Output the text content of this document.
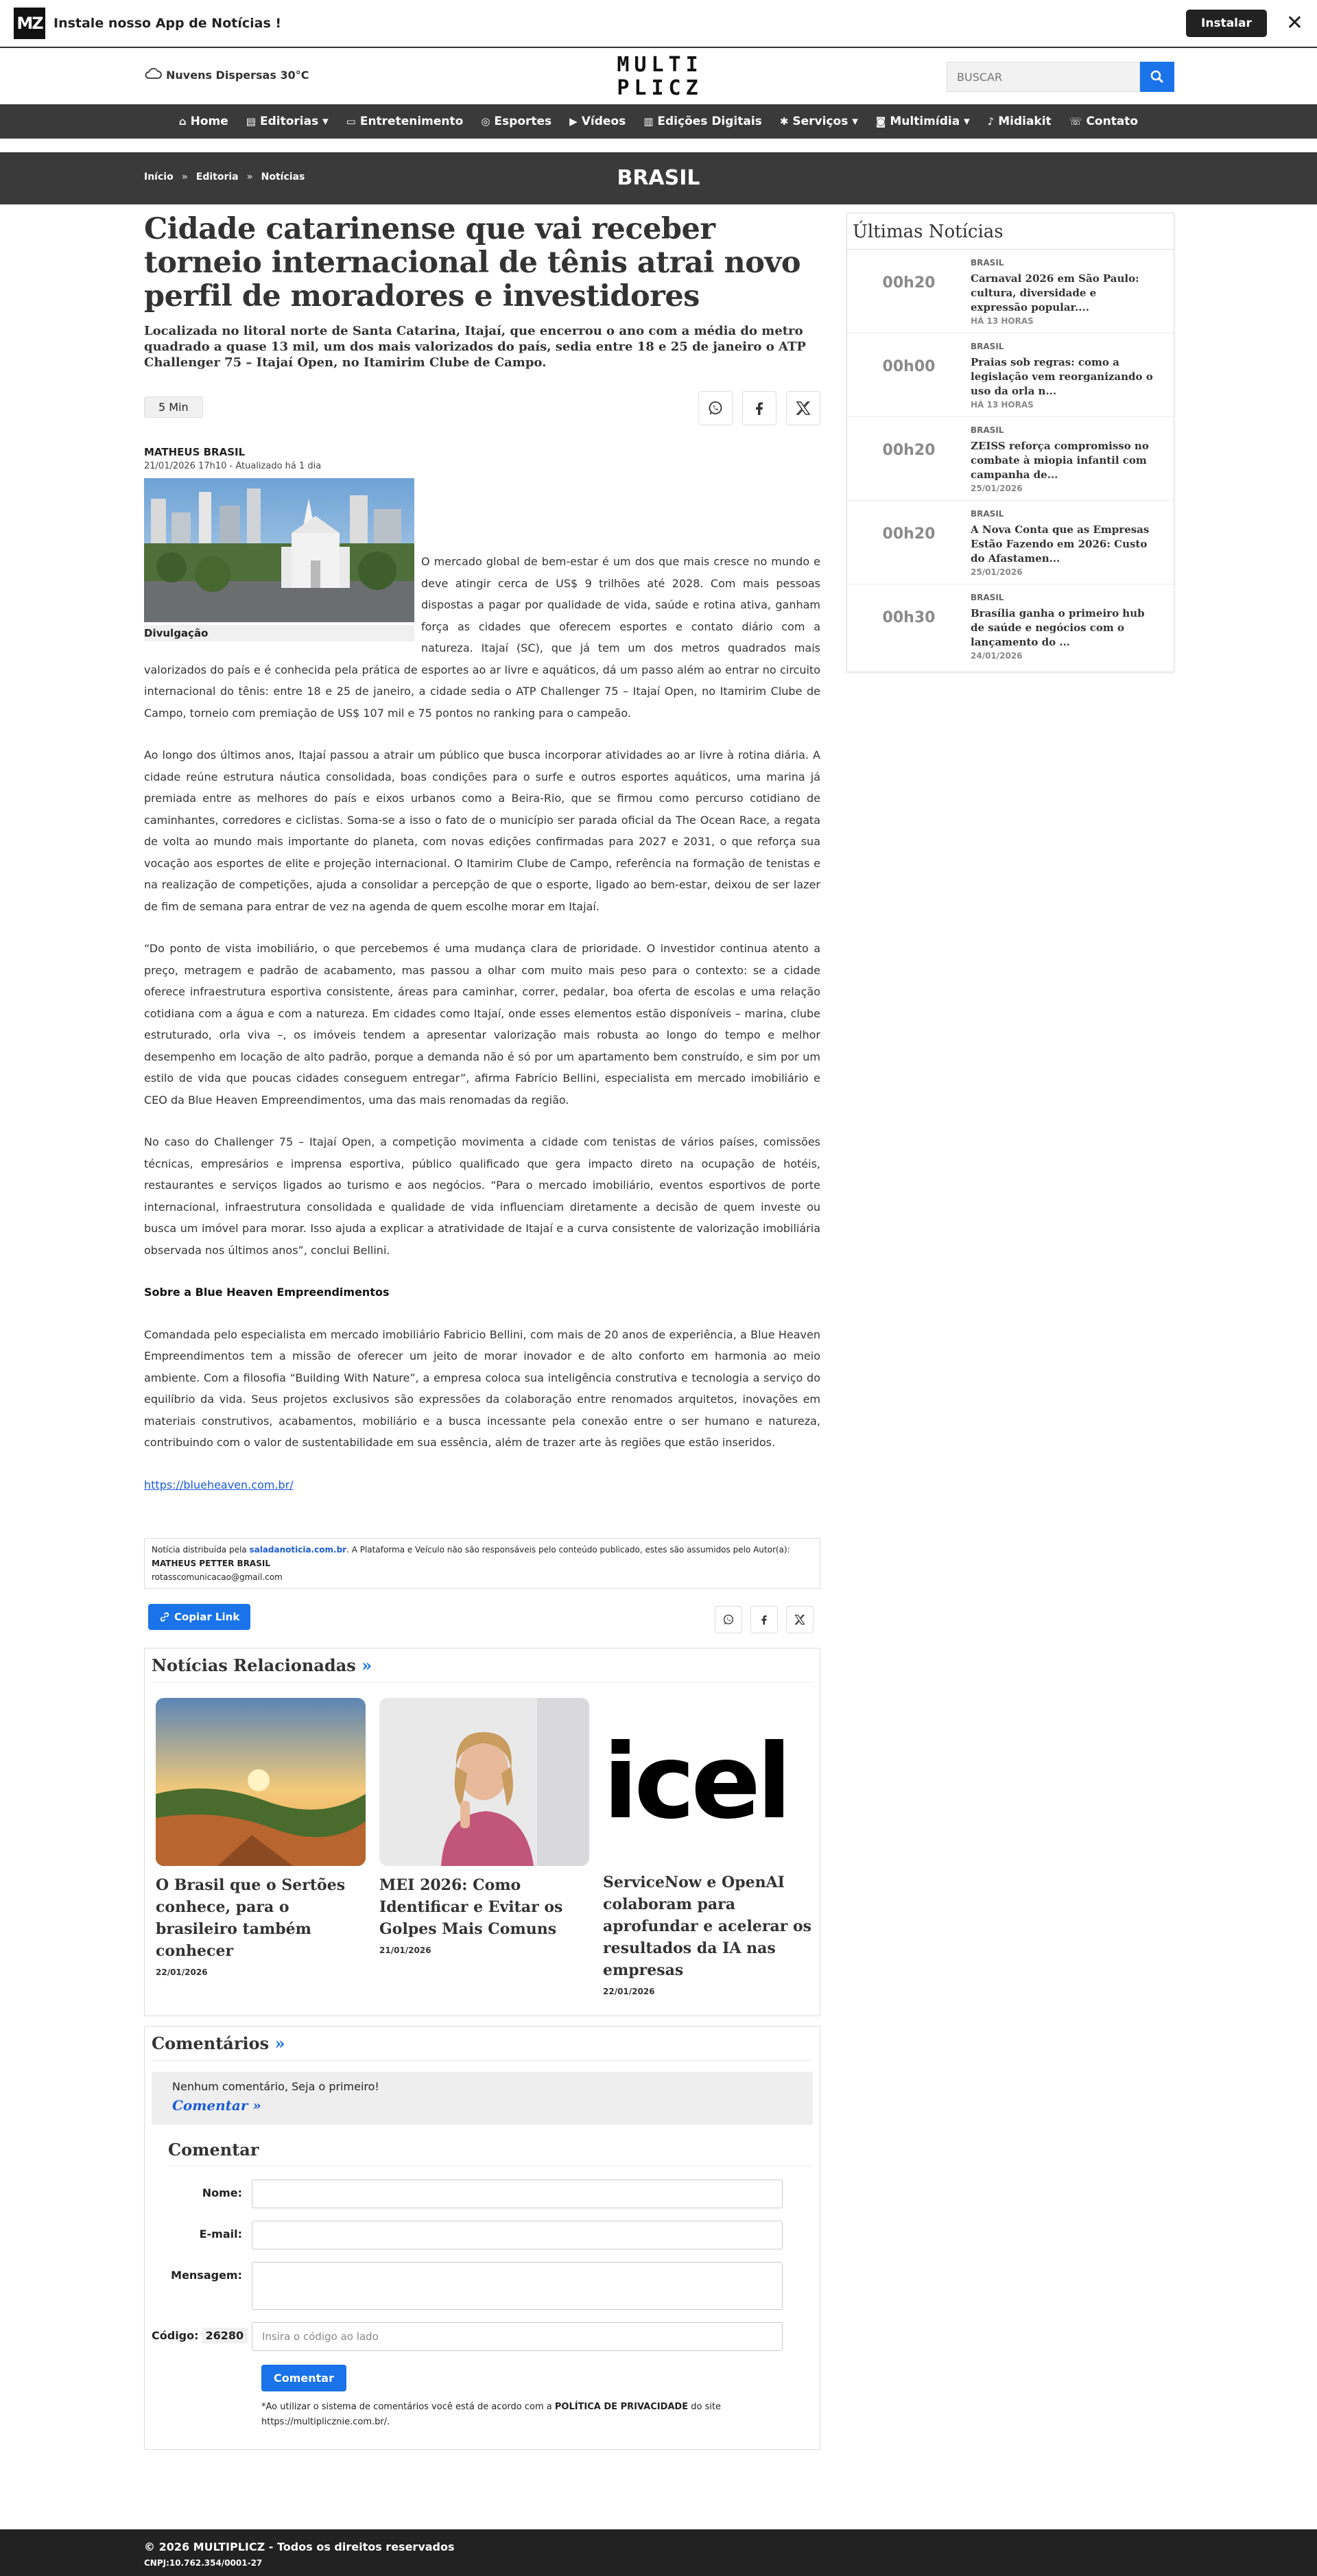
MZ Instale nosso App de Notícias !	Instalar	✕
Nuvens Dispersas 30°C	MULTI
PLICZ
BUSCAR
⌂ Home ▤ Editorias ▾ ▭ Entretenimento ◎ Esportes ▶ Vídeos ▥ Edições Digitais ✱ Serviços ▾ ◙ Multimídia ▾ ♪ Midiakit ☏ Contato
Início » Editoria » Notícias	BRASIL
Cidade catarinense que vai receber torneio internacional de tênis atrai novo perfil de moradores e investidores

Localizada no litoral norte de Santa Catarina, Itajaí, que encerrou o ano com a média do metro quadrado a quase 13 mil, um dos mais valorizados do país, sedia entre 18 e 25 de janeiro o ATP Challenger 75 – Itajaí Open, no Itamirim Clube de Campo.

5 Min
MATHEUS BRASIL
21/01/2026 17h10 - Atualizado há 1 dia
Divulgação

O mercado global de bem-estar é um dos que mais cresce no mundo e deve atingir cerca de US$ 9 trilhões até 2028. Com mais pessoas dispostas a pagar por qualidade de vida, saúde e rotina ativa, ganham força as cidades que oferecem esportes e contato diário com a natureza. Itajaí (SC), que já tem um dos metros quadrados mais valorizados do país e é conhecida pela prática de esportes ao ar livre e aquáticos, dá um passo além ao entrar no circuito internacional do tênis: entre 18 e 25 de janeiro, a cidade sedia o ATP Challenger 75 – Itajaí Open, no Itamirim Clube de Campo, torneio com premiação de US$ 107 mil e 75 pontos no ranking para o campeão.

Ao longo dos últimos anos, Itajaí passou a atrair um público que busca incorporar atividades ao ar livre à rotina diária. A cidade reúne estrutura náutica consolidada, boas condições para o surfe e outros esportes aquáticos, uma marina já premiada entre as melhores do país e eixos urbanos como a Beira-Rio, que se firmou como percurso cotidiano de caminhantes, corredores e ciclistas. Soma-se a isso o fato de o município ser parada oficial da The Ocean Race, a regata de volta ao mundo mais importante do planeta, com novas edições confirmadas para 2027 e 2031, o que reforça sua vocação aos esportes de elite e projeção internacional. O Itamirim Clube de Campo, referência na formação de tenistas e na realização de competições, ajuda a consolidar a percepção de que o esporte, ligado ao bem-estar, deixou de ser lazer de fim de semana para entrar de vez na agenda de quem escolhe morar em Itajaí.

“Do ponto de vista imobiliário, o que percebemos é uma mudança clara de prioridade. O investidor continua atento a preço, metragem e padrão de acabamento, mas passou a olhar com muito mais peso para o contexto: se a cidade oferece infraestrutura esportiva consistente, áreas para caminhar, correr, pedalar, boa oferta de escolas e uma relação cotidiana com a água e com a natureza. Em cidades como Itajaí, onde esses elementos estão disponíveis – marina, clube estruturado, orla viva –, os imóveis tendem a apresentar valorização mais robusta ao longo do tempo e melhor desempenho em locação de alto padrão, porque a demanda não é só por um apartamento bem construído, e sim por um estilo de vida que poucas cidades conseguem entregar”, afirma Fabrício Bellini, especialista em mercado imobiliário e CEO da Blue Heaven Empreendimentos, uma das mais renomadas da região.

No caso do Challenger 75 – Itajaí Open, a competição movimenta a cidade com tenistas de vários países, comissões técnicas, empresários e imprensa esportiva, público qualificado que gera impacto direto na ocupação de hotéis, restaurantes e serviços ligados ao turismo e aos negócios. “Para o mercado imobiliário, eventos esportivos de porte internacional, infraestrutura consolidada e qualidade de vida influenciam diretamente a decisão de quem investe ou busca um imóvel para morar. Isso ajuda a explicar a atratividade de Itajaí e a curva consistente de valorização imobiliária observada nos últimos anos”, conclui Bellini.

Sobre a Blue Heaven Empreendimentos

Comandada pelo especialista em mercado imobiliário Fabricio Bellini, com mais de 20 anos de experiência, a Blue Heaven Empreendimentos tem a missão de oferecer um jeito de morar inovador e de alto conforto em harmonia ao meio ambiente. Com a filosofia “Building With Nature”, a empresa coloca sua inteligência construtiva e tecnologia a serviço do equilíbrio da vida. Seus projetos exclusivos são expressões da colaboração entre renomados arquitetos, inovações em materiais construtivos, acabamentos, mobiliário e a busca incessante pela conexão entre o ser humano e natureza, contribuindo com o valor de sustentabilidade em sua essência, além de trazer arte às regiões que estão inseridos.

https://blueheaven.com.br/

Notícia distribuída pela saladanoticia.com.br. A Plataforma e Veículo não são responsáveis pelo conteúdo publicado, estes são assumidos pelo Autor(a):
MATHEUS PETTER BRASIL
rotasscomunicacao@gmail.com
Copiar Link
Notícias Relacionadas »
O Brasil que o Sertões conhece, para o brasileiro também conhecer
22/01/2026
MEI 2026: Como Identificar e Evitar os Golpes Mais Comuns
21/01/2026
icel
ServiceNow e OpenAI colaboram para aprofundar e acelerar os resultados da IA nas empresas
22/01/2026
Comentários »
Nenhum comentário, Seja o primeiro!
Comentar »
Comentar
Nome:
E-mail:
Mensagem:
Código: 26280	Insira o código ao lado
Comentar
*Ao utilizar o sistema de comentários você está de acordo com a POLÍTICA DE PRIVACIDADE do site https://multiplicznie.com.br/.
Últimas Notícias
00h20
BRASIL
Carnaval 2026 em São Paulo: cultura, diversidade e expressão popular....
HÁ 13 HORAS
00h00
BRASIL
Praias sob regras: como a legislação vem reorganizando o uso da orla n...
HÁ 13 HORAS
00h20
BRASIL
ZEISS reforça compromisso no combate à miopia infantil com campanha de...
25/01/2026
00h20
BRASIL
A Nova Conta que as Empresas Estão Fazendo em 2026: Custo do Afastamen...
25/01/2026
00h30
BRASIL
Brasília ganha o primeiro hub de saúde e negócios com o lançamento do ...
24/01/2026
© 2026 MULTIPLICZ - Todos os direitos reservados
CNPJ:10.762.354/0001-27
